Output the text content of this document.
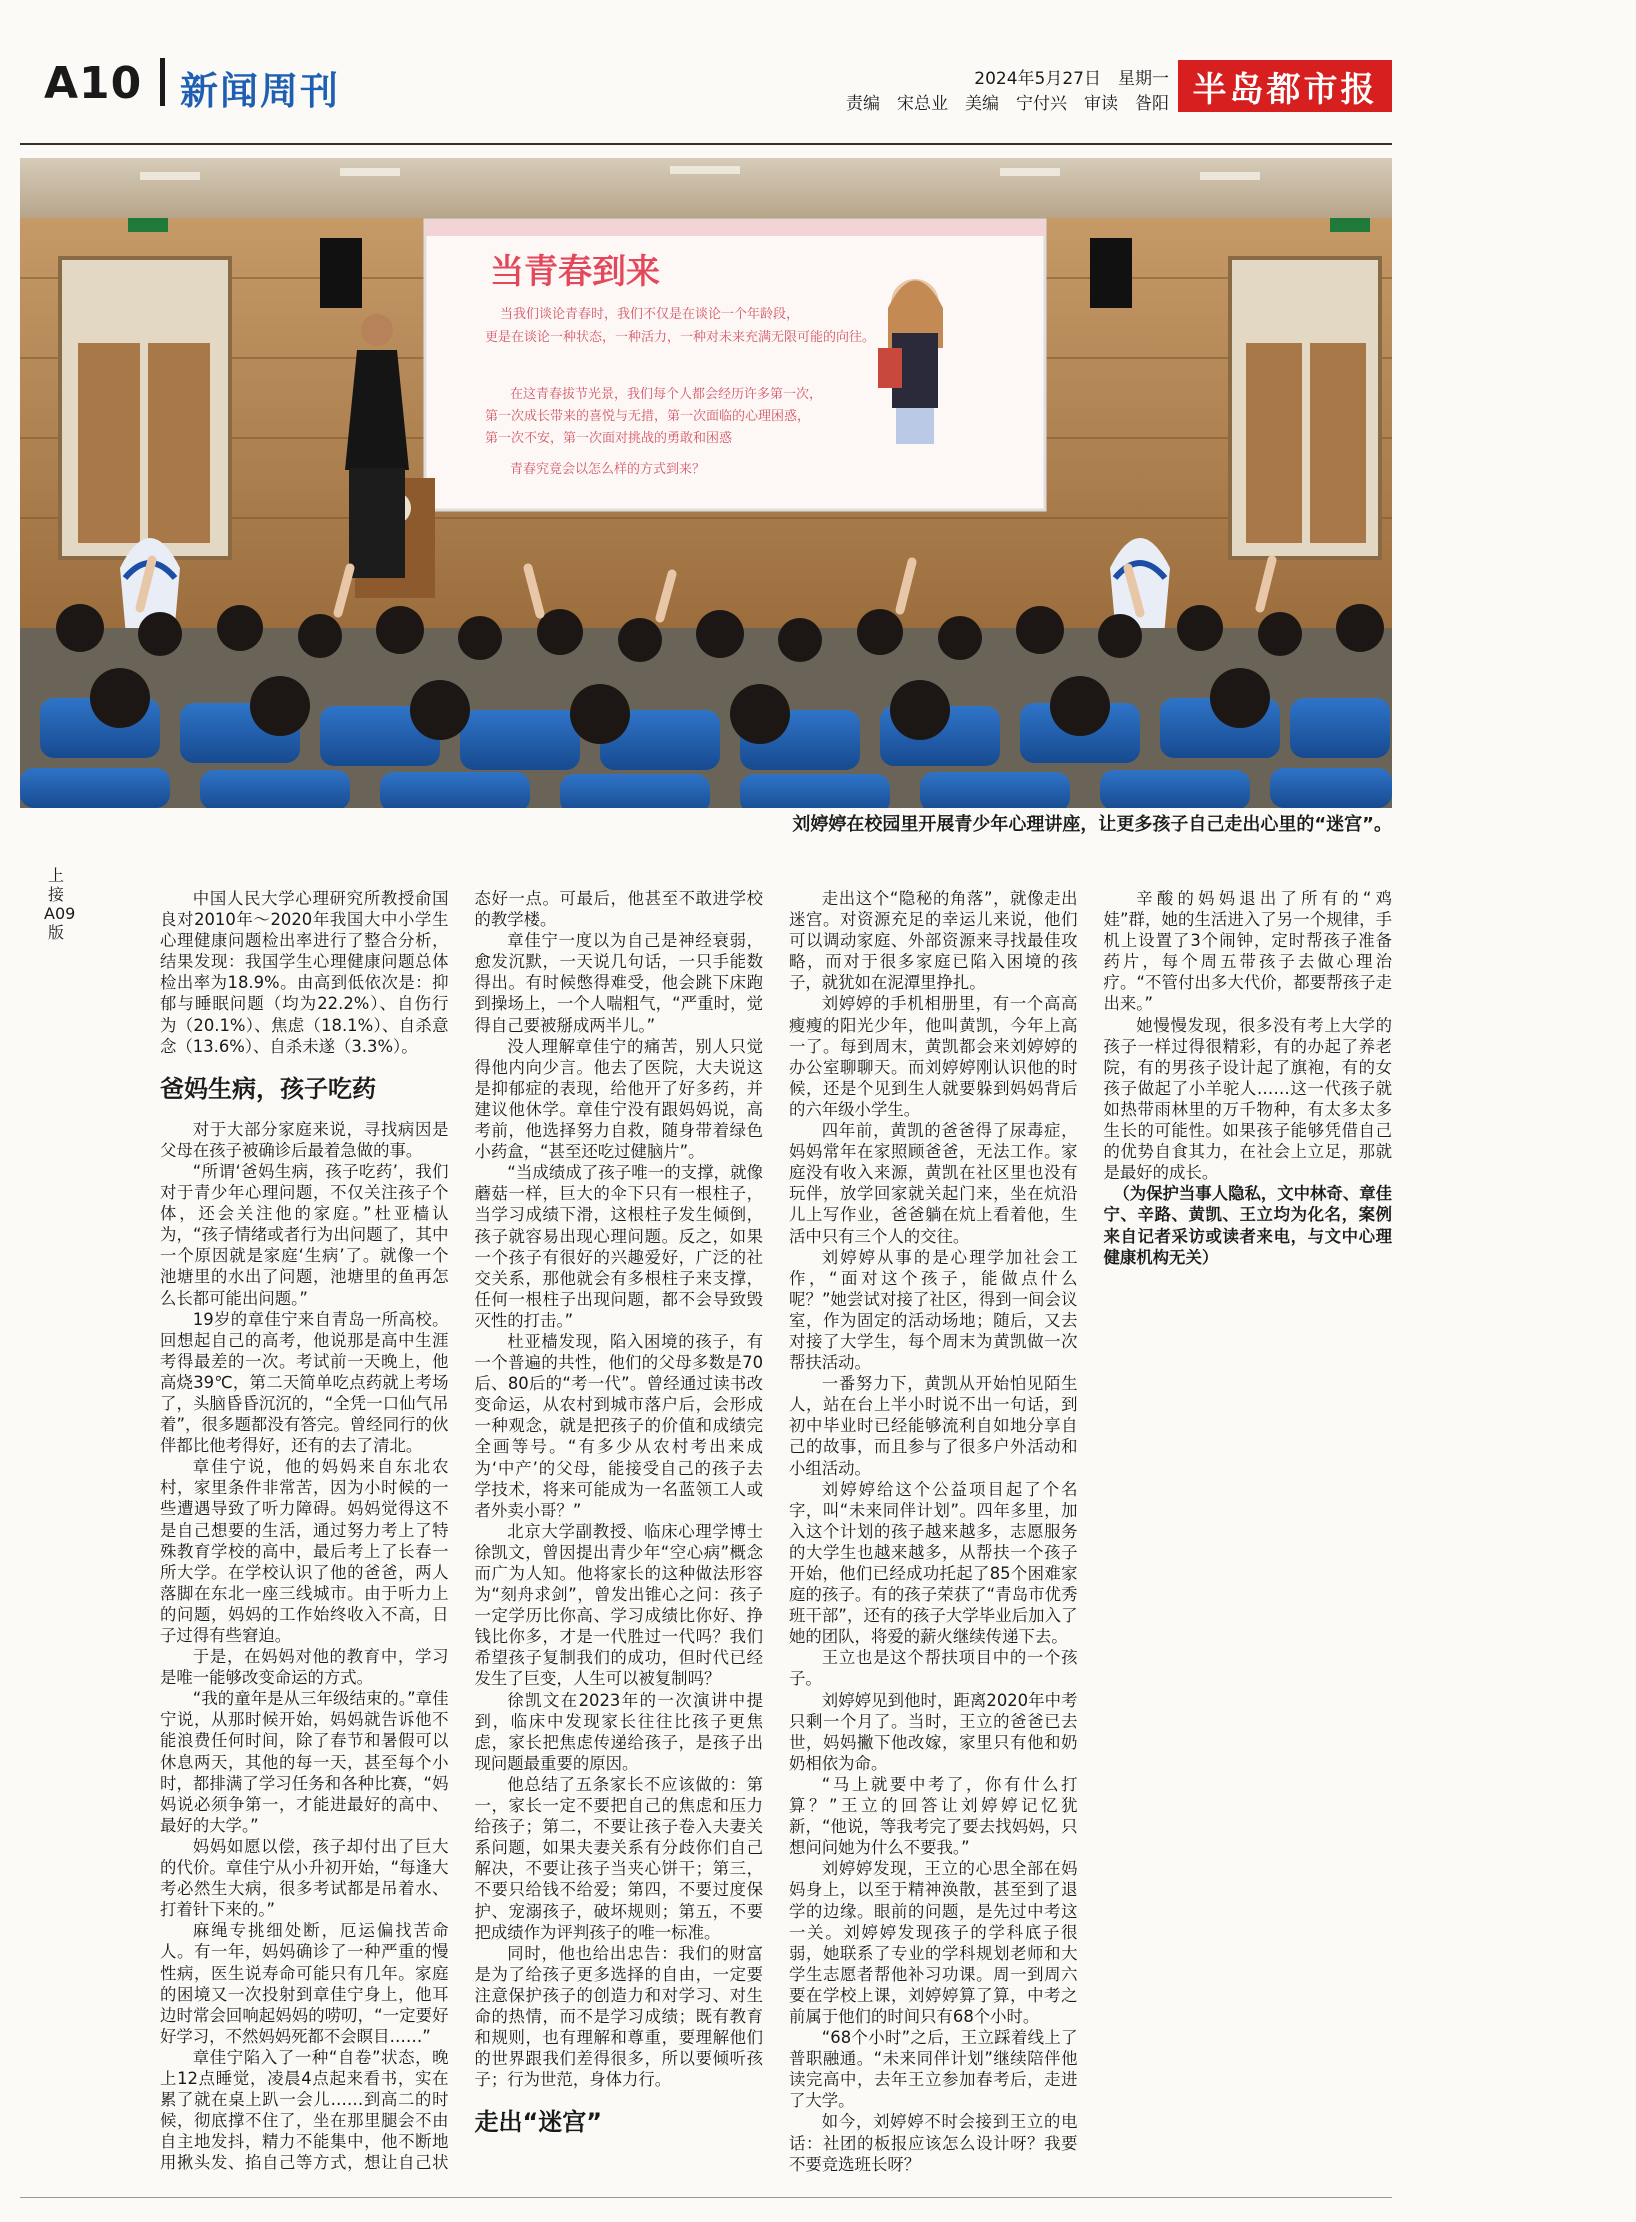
A10 新闻周刊	2024年5月27日　星期一
责编　宋总业　美编　宁付兴　审读　昝阳 半岛都市报
当青春到来
当我们谈论青春时，我们不仅是在谈论一个年龄段，
更是在谈论一种状态，一种活力，一种对未来充满无限可能的向往。
在这青春拔节光景，我们每个人都会经历许多第一次，
第一次成长带来的喜悦与无措，第一次面临的心理困惑，
第一次不安，第一次面对挑战的勇敢和困惑
青春究竟会以怎么样的方式到来？
刘婷婷在校园里开展青少年心理讲座，让更多孩子自己走出心里的“迷宫”。
上接A09版

中国人民大学心理研究所教授俞国良对2010年～2020年我国大中小学生心理健康问题检出率进行了整合分析，结果发现：我国学生心理健康问题总体检出率为18.9%。由高到低依次是：抑郁与睡眠问题（均为22.2%）、自伤行为（20.1%）、焦虑（18.1%）、自杀意念（13.6%）、自杀未遂（3.3%）。

爸妈生病，孩子吃药

对于大部分家庭来说，寻找病因是父母在孩子被确诊后最着急做的事。

“所谓‘爸妈生病，孩子吃药’，我们对于青少年心理问题，不仅关注孩子个体，还会关注他的家庭。”杜亚樯认为，“孩子情绪或者行为出问题了，其中一个原因就是家庭‘生病’了。就像一个池塘里的水出了问题，池塘里的鱼再怎么长都可能出问题。”

19岁的章佳宁来自青岛一所高校。回想起自己的高考，他说那是高中生涯考得最差的一次。考试前一天晚上，他高烧39℃，第二天简单吃点药就上考场了，头脑昏昏沉沉的，“全凭一口仙气吊着”，很多题都没有答完。曾经同行的伙伴都比他考得好，还有的去了清北。

章佳宁说，他的妈妈来自东北农村，家里条件非常苦，因为小时候的一些遭遇导致了听力障碍。妈妈觉得这不是自己想要的生活，通过努力考上了特殊教育学校的高中，最后考上了长春一所大学。在学校认识了他的爸爸，两人落脚在东北一座三线城市。由于听力上的问题，妈妈的工作始终收入不高，日子过得有些窘迫。

于是，在妈妈对他的教育中，学习是唯一能够改变命运的方式。

“我的童年是从三年级结束的。”章佳宁说，从那时候开始，妈妈就告诉他不能浪费任何时间，除了春节和暑假可以休息两天，其他的每一天，甚至每个小时，都排满了学习任务和各种比赛，“妈妈说必须争第一，才能进最好的高中、最好的大学。”

妈妈如愿以偿，孩子却付出了巨大的代价。章佳宁从小升初开始，“每逢大考必然生大病，很多考试都是吊着水、打着针下来的。”

麻绳专挑细处断，厄运偏找苦命人。有一年，妈妈确诊了一种严重的慢性病，医生说寿命可能只有几年。家庭的困境又一次投射到章佳宁身上，他耳边时常会回响起妈妈的唠叨，“一定要好好学习，不然妈妈死都不会瞑目……”

章佳宁陷入了一种“自卷”状态，晚上12点睡觉，凌晨4点起来看书，实在累了就在桌上趴一会儿……到高二的时候，彻底撑不住了，坐在那里腿会不由自主地发抖，精力不能集中，他不断地用揪头发、掐自己等方式，想让自己状态好一点。可最后，他甚至不敢进学校的教学楼。

章佳宁一度以为自己是神经衰弱，愈发沉默，一天说几句话，一只手能数得出。有时候憋得难受，他会跳下床跑到操场上，一个人喘粗气，“严重时，觉得自己要被掰成两半儿。”

没人理解章佳宁的痛苦，别人只觉得他内向少言。他去了医院，大夫说这是抑郁症的表现，给他开了好多药，并建议他休学。章佳宁没有跟妈妈说，高考前，他选择努力自救，随身带着绿色小药盒，“甚至还吃过健脑片”。

“当成绩成了孩子唯一的支撑，就像蘑菇一样，巨大的伞下只有一根柱子，当学习成绩下滑，这根柱子发生倾倒，孩子就容易出现心理问题。反之，如果一个孩子有很好的兴趣爱好，广泛的社交关系，那他就会有多根柱子来支撑，任何一根柱子出现问题，都不会导致毁灭性的打击。”

杜亚樯发现，陷入困境的孩子，有一个普遍的共性，他们的父母多数是70后、80后的“考一代”。曾经通过读书改变命运，从农村到城市落户后，会形成一种观念，就是把孩子的价值和成绩完全画等号。“有多少从农村考出来成为‘中产’的父母，能接受自己的孩子去学技术，将来可能成为一名蓝领工人或者外卖小哥？”

北京大学副教授、临床心理学博士徐凯文，曾因提出青少年“空心病”概念而广为人知。他将家长的这种做法形容为“刻舟求剑”，曾发出锥心之问：孩子一定学历比你高、学习成绩比你好、挣钱比你多，才是一代胜过一代吗？我们希望孩子复制我们的成功，但时代已经发生了巨变，人生可以被复制吗？

徐凯文在2023年的一次演讲中提到，临床中发现家长往往比孩子更焦虑，家长把焦虑传递给孩子，是孩子出现问题最重要的原因。

他总结了五条家长不应该做的：第一，家长一定不要把自己的焦虑和压力给孩子；第二，不要让孩子卷入夫妻关系问题，如果夫妻关系有分歧你们自己解决，不要让孩子当夹心饼干；第三，不要只给钱不给爱；第四，不要过度保护、宠溺孩子，破坏规则；第五，不要把成绩作为评判孩子的唯一标准。

同时，他也给出忠告：我们的财富是为了给孩子更多选择的自由，一定要注意保护孩子的创造力和对学习、对生命的热情，而不是学习成绩；既有教育和规则，也有理解和尊重，要理解他们的世界跟我们差得很多，所以要倾听孩子；行为世范，身体力行。

走出“迷宫”

走出这个“隐秘的角落”，就像走出迷宫。对资源充足的幸运儿来说，他们可以调动家庭、外部资源来寻找最佳攻略，而对于很多家庭已陷入困境的孩子，就犹如在泥潭里挣扎。

刘婷婷的手机相册里，有一个高高瘦瘦的阳光少年，他叫黄凯，今年上高一了。每到周末，黄凯都会来刘婷婷的办公室聊聊天。而刘婷婷刚认识他的时候，还是个见到生人就要躲到妈妈背后的六年级小学生。

四年前，黄凯的爸爸得了尿毒症，妈妈常年在家照顾爸爸，无法工作。家庭没有收入来源，黄凯在社区里也没有玩伴，放学回家就关起门来，坐在炕沿儿上写作业，爸爸躺在炕上看着他，生活中只有三个人的交往。

刘婷婷从事的是心理学加社会工作，“面对这个孩子，能做点什么呢？”她尝试对接了社区，得到一间会议室，作为固定的活动场地；随后，又去对接了大学生，每个周末为黄凯做一次帮扶活动。

一番努力下，黄凯从开始怕见陌生人，站在台上半小时说不出一句话，到初中毕业时已经能够流利自如地分享自己的故事，而且参与了很多户外活动和小组活动。

刘婷婷给这个公益项目起了个名字，叫“未来同伴计划”。四年多里，加入这个计划的孩子越来越多，志愿服务的大学生也越来越多，从帮扶一个孩子开始，他们已经成功托起了85个困难家庭的孩子。有的孩子荣获了“青岛市优秀班干部”，还有的孩子大学毕业后加入了她的团队，将爱的薪火继续传递下去。

王立也是这个帮扶项目中的一个孩子。

刘婷婷见到他时，距离2020年中考只剩一个月了。当时，王立的爸爸已去世，妈妈撇下他改嫁，家里只有他和奶奶相依为命。

“马上就要中考了，你有什么打算？”王立的回答让刘婷婷记忆犹新，“他说，等我考完了要去找妈妈，只想问问她为什么不要我。”

刘婷婷发现，王立的心思全部在妈妈身上，以至于精神涣散，甚至到了退学的边缘。眼前的问题，是先过中考这一关。刘婷婷发现孩子的学科底子很弱，她联系了专业的学科规划老师和大学生志愿者帮他补习功课。周一到周六要在学校上课，刘婷婷算了算，中考之前属于他们的时间只有68个小时。

“68个小时”之后，王立踩着线上了普职融通。“未来同伴计划”继续陪伴他读完高中，去年王立参加春考后，走进了大学。

如今，刘婷婷不时会接到王立的电话：社团的板报应该怎么设计呀？我要不要竞选班长呀？

辛酸的妈妈退出了所有的“鸡娃”群，她的生活进入了另一个规律，手机上设置了3个闹钟，定时帮孩子准备药片，每个周五带孩子去做心理治疗。“不管付出多大代价，都要帮孩子走出来。”

她慢慢发现，很多没有考上大学的孩子一样过得很精彩，有的办起了养老院，有的男孩子设计起了旗袍，有的女孩子做起了小羊驼人……这一代孩子就如热带雨林里的万千物种，有太多太多生长的可能性。如果孩子能够凭借自己的优势自食其力，在社会上立足，那就是最好的成长。

（为保护当事人隐私，文中林奇、章佳宁、辛路、黄凯、王立均为化名，案例来自记者采访或读者来电，与文中心理健康机构无关）
